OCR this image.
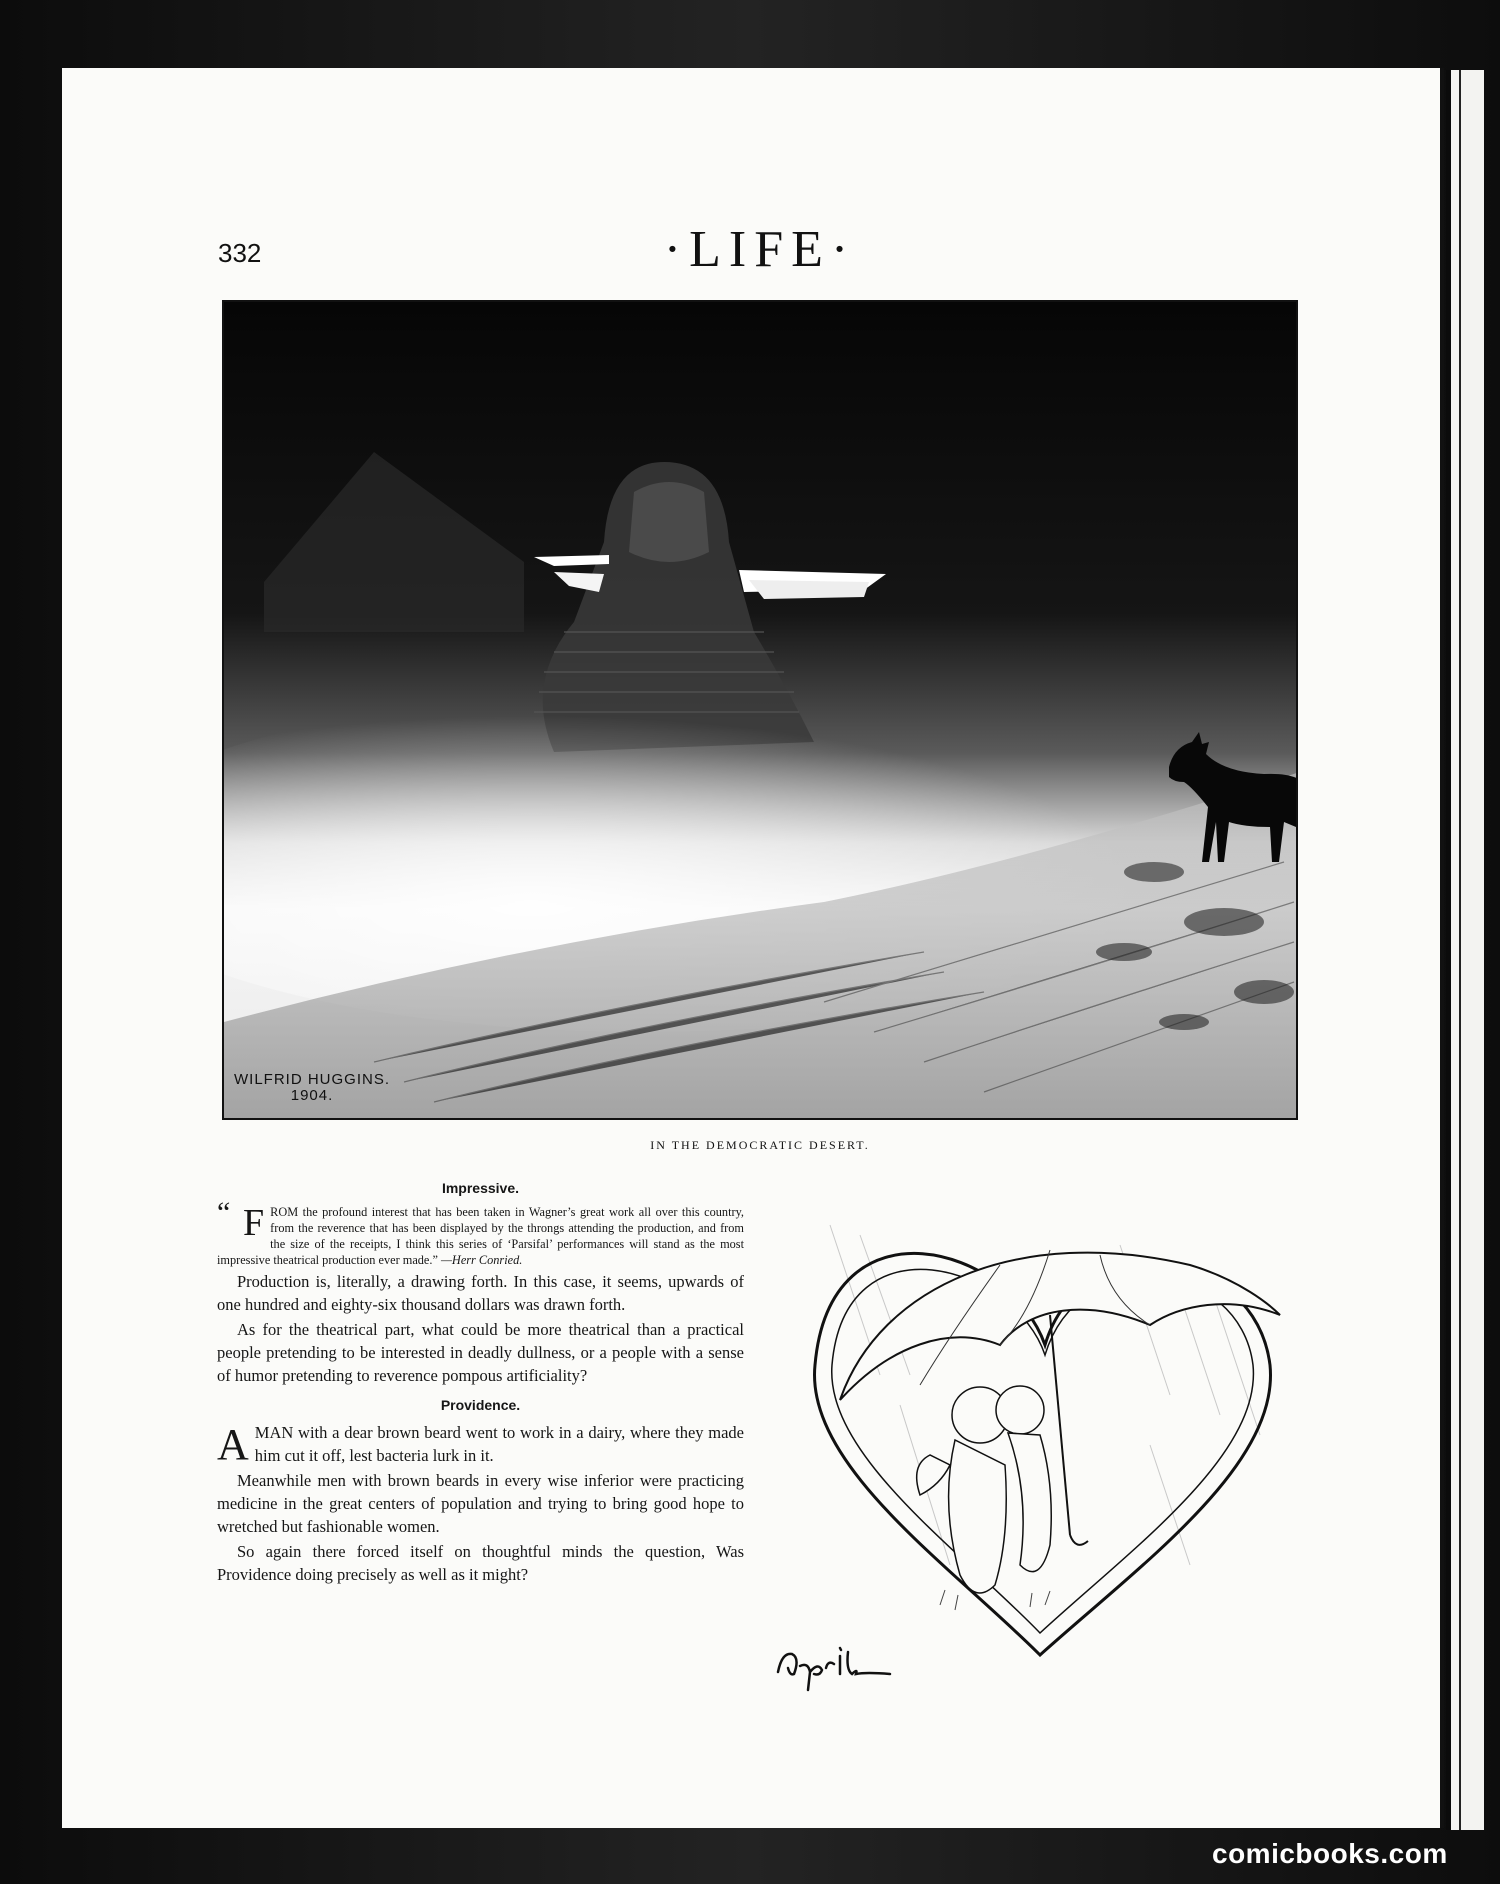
332	·LIFE·
WILFRID HUGGINS.
1904.
IN THE DEMOCRATIC DESERT.
Impressive.
“ F ROM the profound interest that has been taken in Wagner’s great work all over this country, from the reverence that has been displayed by the throngs attending the production, and from the size of the receipts, I think this series of ‘Parsifal’ performances will stand as the most impressive theatrical production ever made.” —Herr Conried.

Production is, literally, a drawing forth. In this case, it seems, upwards of one hundred and eighty-six thousand dollars was drawn forth.

As for the theatrical part, what could be more theatrical than a practical people pretending to be interested in deadly dullness, or a people with a sense of humor pretending to reverence pompous artificiality?

Providence.

AMAN with a dear brown beard went to work in a dairy, where they made him cut it off, lest bacteria lurk in it.

Meanwhile men with brown beards in every wise inferior were practicing medicine in the great centers of population and trying to bring good hope to wretched but fashionable women.

So again there forced itself on thoughtful minds the question, Was Providence doing precisely as well as it might?

comicbooks.com
